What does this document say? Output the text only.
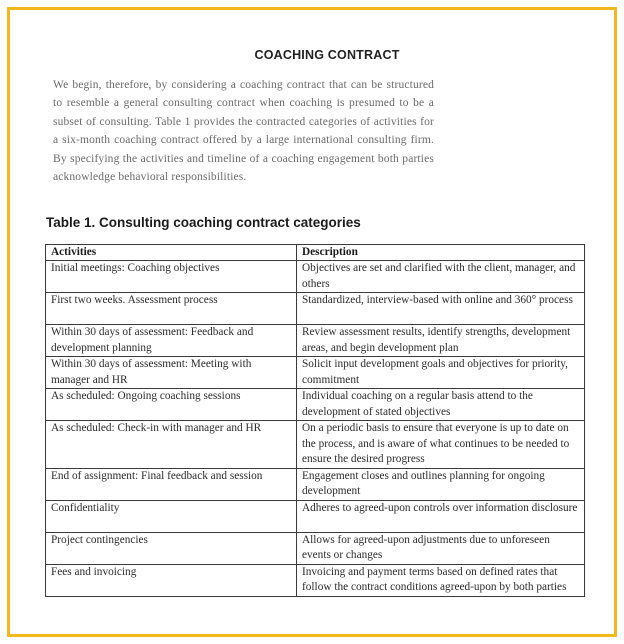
COACHING CONTRACT
We begin, therefore, by considering a coaching contract that can be structured to resemble a general consulting contract when coaching is presumed to be a subset of consulting. Table 1 provides the contracted categories of activities for a six-month coaching contract offered by a large international consulting firm. By specifying the activities and timeline of a coaching engagement both parties acknowledge behavioral responsibilities.
Table 1. Consulting coaching contract categories
Activities	Description
Initial meetings: Coaching objectives	Objectives are set and clarified with the client, manager, and others
First two weeks. Assessment process	Standardized, interview-based with online and 360° process
Within 30 days of assessment: Feedback and development planning	Review assessment results, identify strengths, development areas, and begin development plan
Within 30 days of assessment: Meeting with manager and HR	Solicit input development goals and objectives for priority, commitment
As scheduled: Ongoing coaching sessions	Individual coaching on a regular basis attend to the development of stated objectives
As scheduled: Check-in with manager and HR	On a periodic basis to ensure that everyone is up to date on the process, and is aware of what continues to be needed to ensure the desired progress
End of assignment: Final feedback and session	Engagement closes and outlines planning for ongoing development
Confidentiality	Adheres to agreed-upon controls over information disclosure
Project contingencies	Allows for agreed-upon adjustments due to unforeseen events or changes
Fees and invoicing	Invoicing and payment terms based on defined rates that follow the contract conditions agreed-upon by both parties
